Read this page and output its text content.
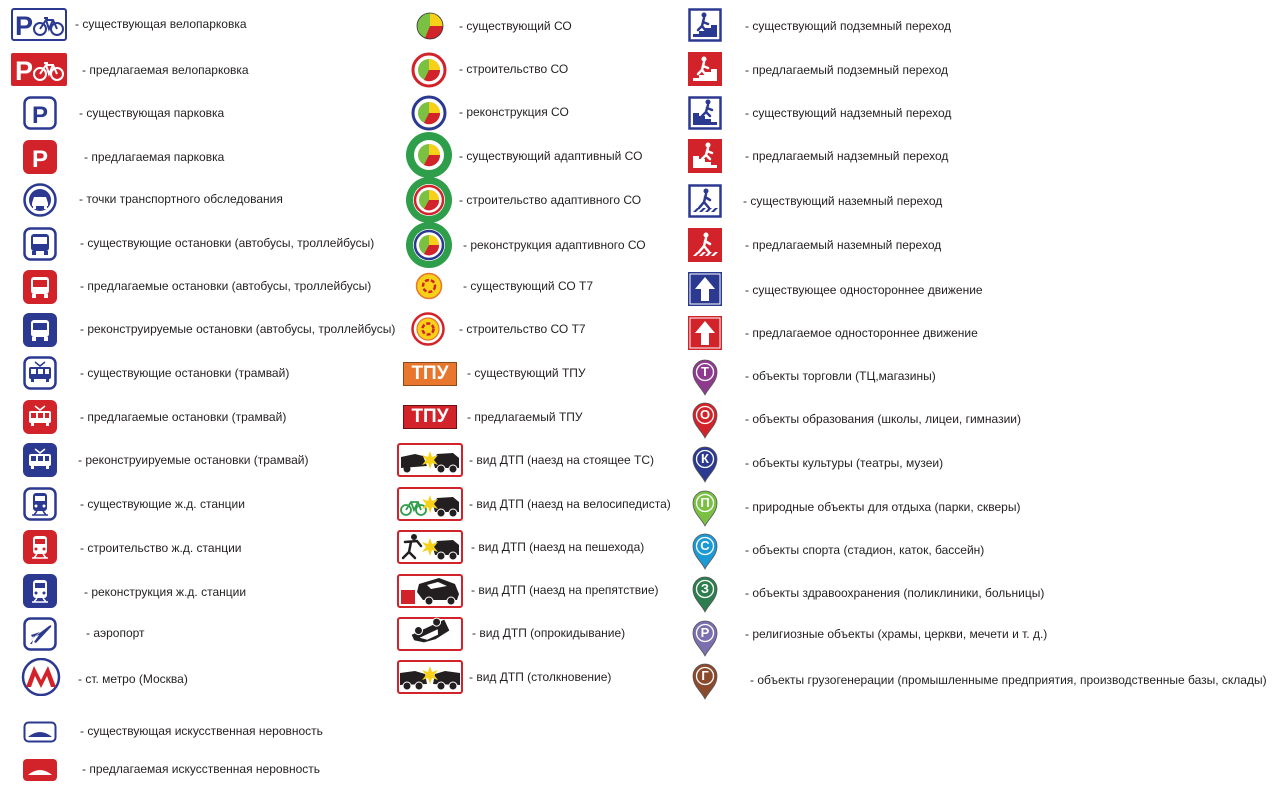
P	- существующая велопарковка
P	- предлагаемая велопарковка
P	- существующая парковка
P	- предлагаемая парковка
- точки транспортного обследования
- существующие остановки (автобусы, троллейбусы)
- предлагаемые остановки (автобусы, троллейбусы)
- реконструируемые остановки (автобусы, троллейбусы)
- существующие остановки (трамвай)
- предлагаемые остановки (трамвай)
- реконструируемые остановки (трамвай)
- существующие ж.д. станции
- строительство ж.д. станции
- реконструкция ж.д. станции
- аэропорт
- ст. метро (Москва)
- существующая искусственная неровность
- предлагаемая искусственная неровность
- существующий СО
- строительство СО
- реконструкция СО
- существующий адаптивный СО
- строительство адаптивного СО
- реконструкция адаптивного СО
- существующий СО Т7
- строительство СО Т7
ТПУ	- существующий ТПУ
ТПУ	- предлагаемый ТПУ
- вид ДТП (наезд на стоящее ТС)
- вид ДТП (наезд на велосипедиста)
- вид ДТП (наезд на пешехода)
- вид ДТП (наезд на препятствие)
- вид ДТП (опрокидывание)
- вид ДТП (столкновение)
- существующий подземный переход
- предлагаемый подземный переход
- существующий надземный переход
- предлагаемый надземный переход
- существующий наземный переход
- предлагаемый наземный переход
- существующее одностороннее движение
- предлагаемое одностороннее движение
Т	- объекты торговли (ТЦ,магазины)
О	- объекты образования (школы, лицеи, гимназии)
К	- объекты культуры (театры, музеи)
П	- природные объекты для отдыха (парки, скверы)
С	- объекты спорта (стадион, каток, бассейн)
З	- объекты здравоохранения (поликлиники, больницы)
Р	- религиозные объекты (храмы, церкви, мечети и т. д.)
Г	- объекты грузогенерации (промышленныме предприятия, производственные базы, склады)
